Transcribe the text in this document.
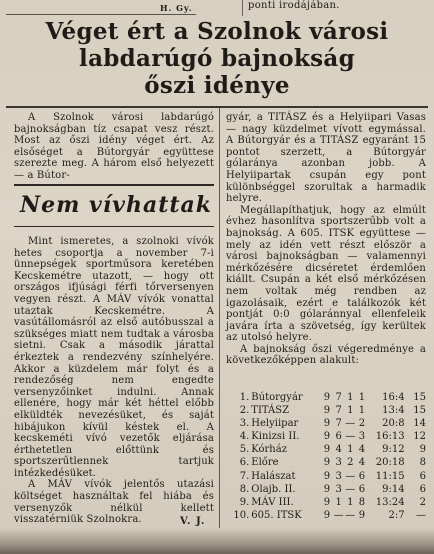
H. Gy.	ponti irodájában.
Véget ért a Szolnok városi
labdarúgó bajnokság
őszi idénye

A Szolnok városi labdarúgó bajnokságban tíz csapat vesz részt. Most az őszi idény véget ért. Az elsőséget a Bútorgyár együttese szerezte meg. A három első helyezett — a Bútor-

Nem vívhattak

Mint ismeretes, a szolnoki vívók hetes csoportja a november 7-i ünnepségek sportműsora keretében Kecskemétre utazott, — hogy ott országos ifjúsági férfi tőrversenyen vegyen részt. A MÁV vívók vonattal utaztak Kecskemétre. A vasútállomásról az első autóbusszal a szükséges miatt nem tudtak a városba sietni. Csak a második járattal érkeztek a rendezvény színhelyére. Akkor a küzdelem már folyt és a rendezőség nem engedte versenyzőinket indulni. Annak ellenére, hogy már két héttel előbb elküldték nevezésüket, és saját hibájukon kívül késtek el. A kecskeméti vívó vezetők eljárása érthetetlen előttünk és sportszerűtlennek tartjuk intézkedésüket.

A MÁV vívók jelentős utazási költséget használtak fel hiába és versenyzők nélkül kellett visszatérniük Szolnokra.	V. J.

gyár, a TITÁSZ és a Helyiipari Vasas — nagy küzdelmet vívott egymással. A Bútorgyár és a TITÁSZ egyaránt 15 pontot szerzett, a Bútorgyár gólaránya azonban jobb. A Helyiipartak csupán egy pont különbséggel szorultak a harmadik helyre.

Megállapíthatjuk, hogy az elmúlt évhez hasonlítva sportszerűbb volt a bajnokság. A 605. ITSK együttese — mely az idén vett részt először a városi bajnokságban — valamennyi mérkőzésére dicséretet érdemlően kiállt. Csupán a két első mérkőzésen nem voltak még rendben az igazolásaik, ezért e találkozók két pontját 0:0 gólaránnyal ellenfeleik javára írta a szövetség, így kerültek az utolsó helyre.

A bajnokság őszi végeredménye a következőképpen alakult:

1. Bútorgyár	9 7 1 1	16:4 15
2. TITÁSZ	9 7 1 1	13:4 15
3. Helyiipar	9 7 — 2	20:8 14
4. Kinizsi II.	9 6 — 3	16:13 12
5. Kórház	9 4 1 4	9:12	9
6. Előre	9 3 2 4	20:18	8
7. Halászat	9 3 — 6	11:15	6
8. Olajb. II.	9 3 — 6	9:14	6
9. MÁV III.	9 1 1 8	13:24	2
10. 605. ITSK	9 — — 9	2:7	—
